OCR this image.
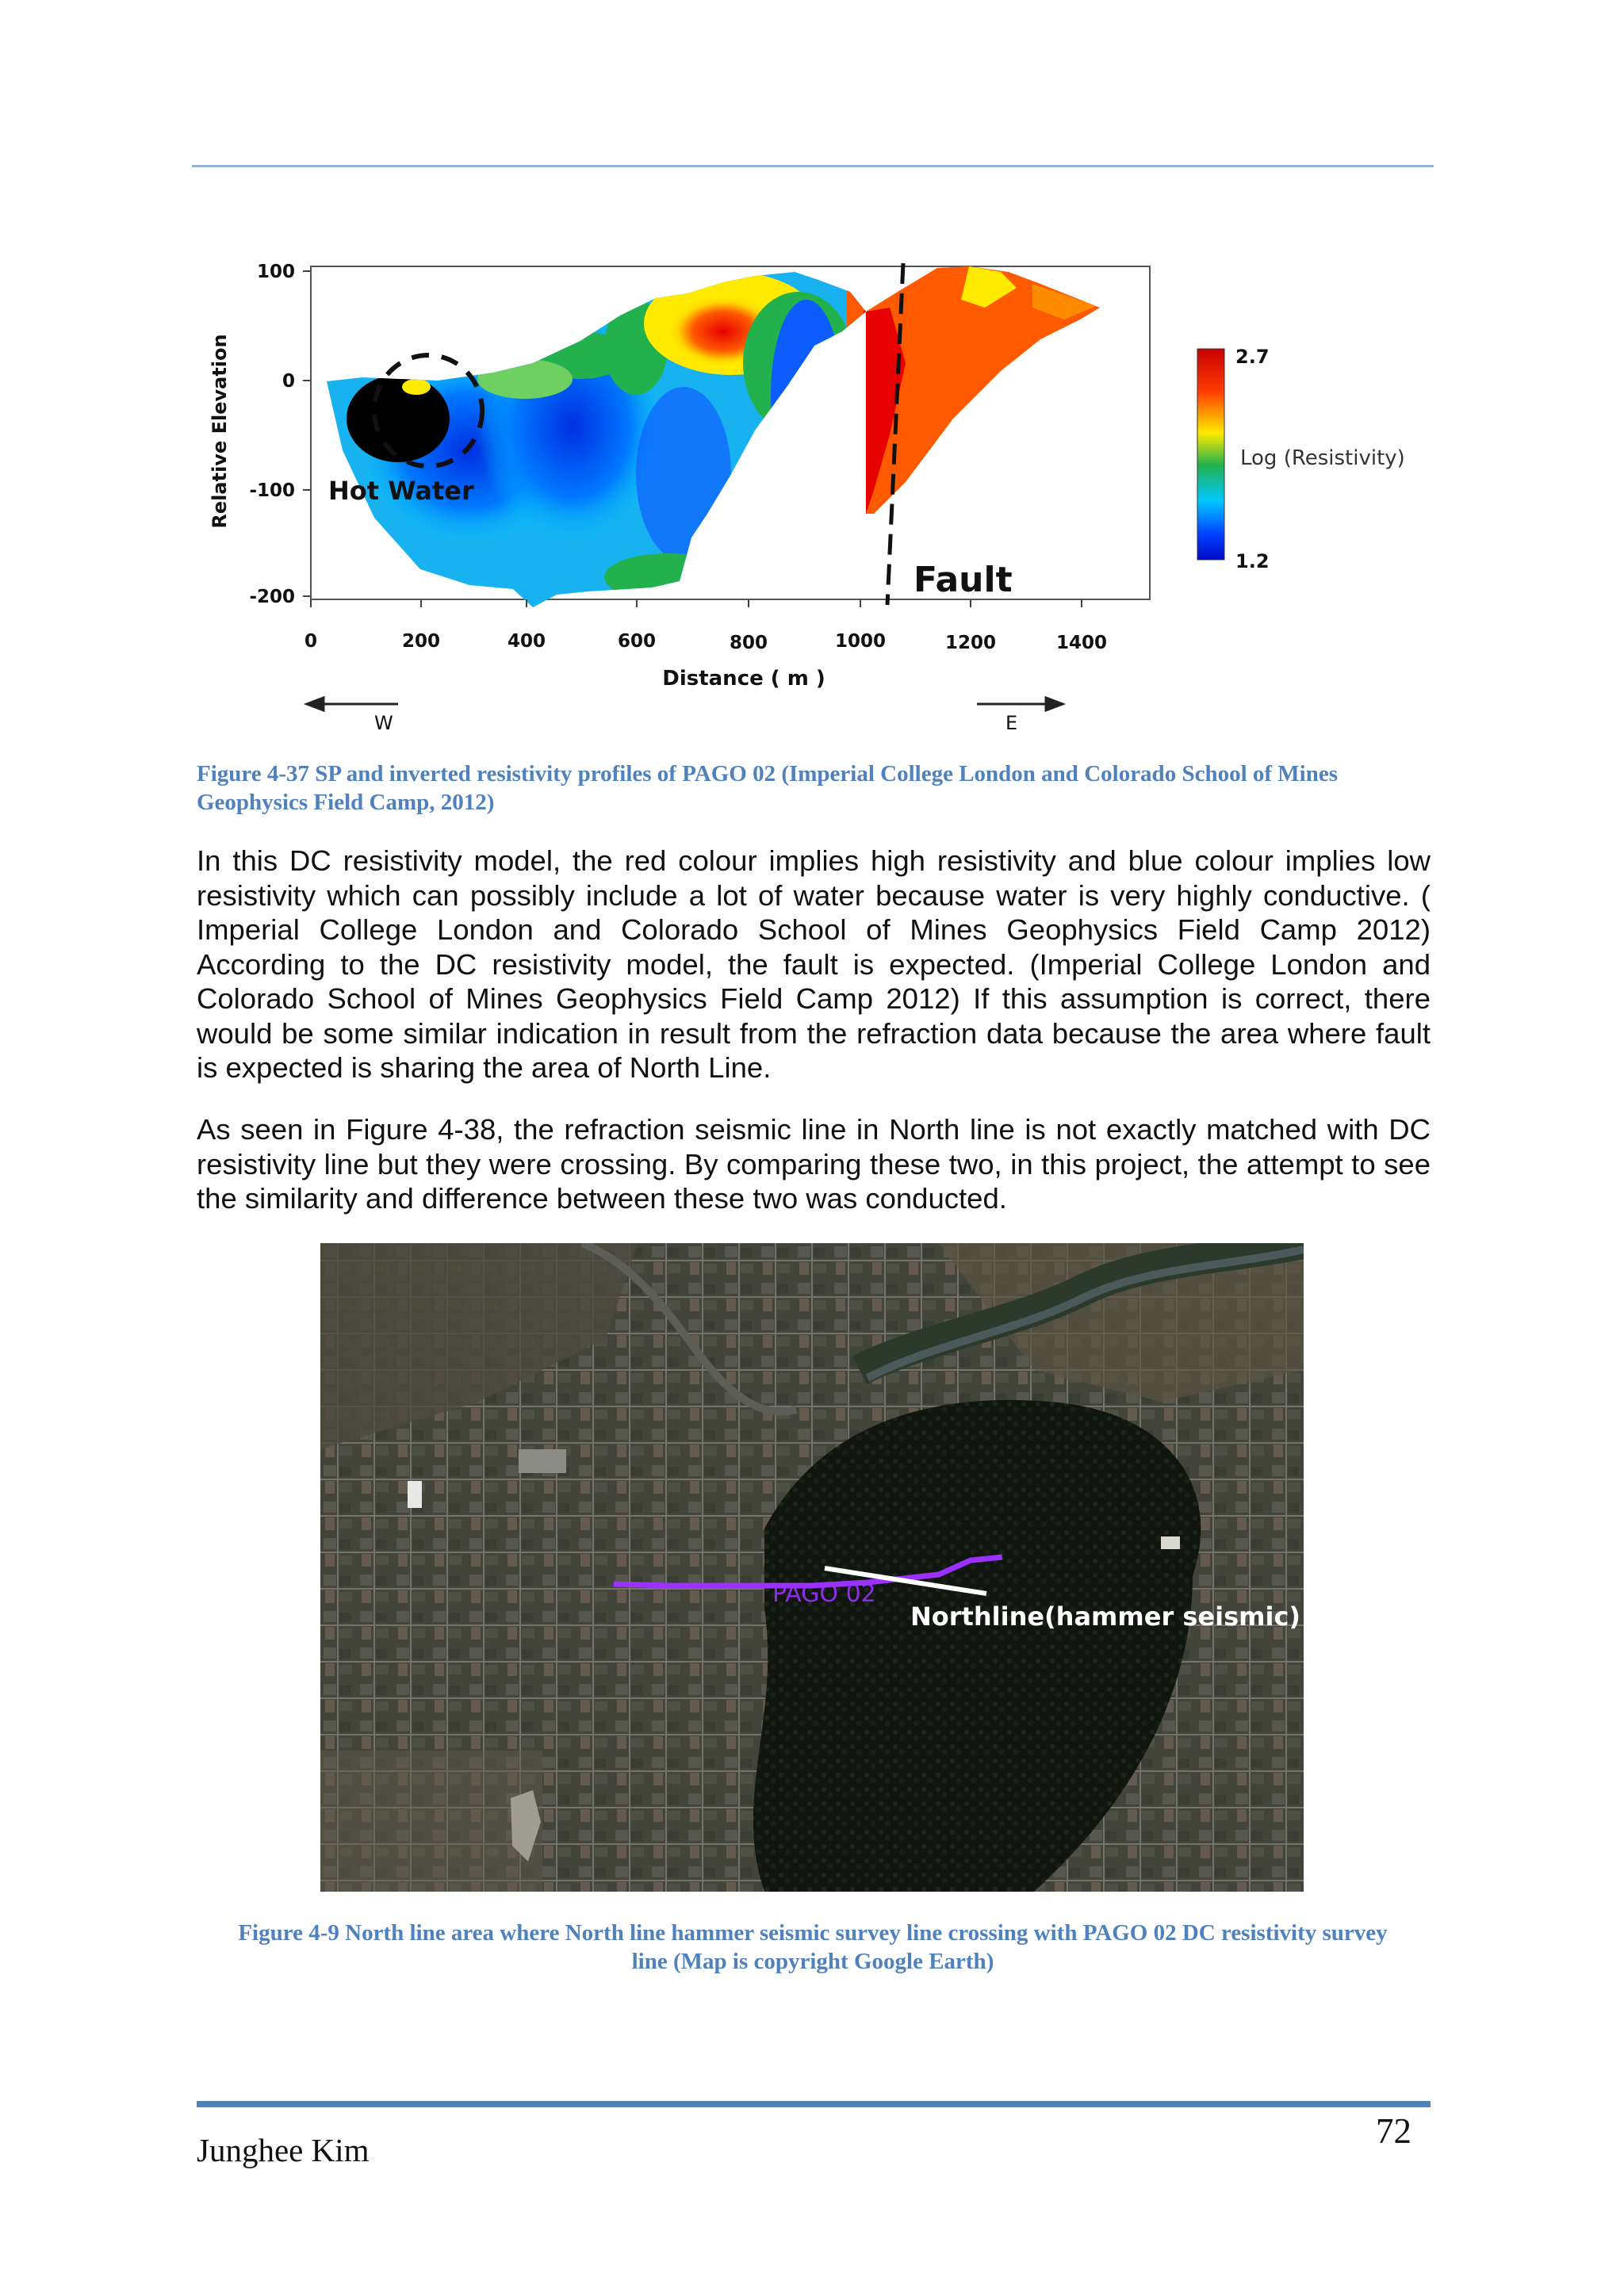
100
0
-100
-200
0	200	400	600	800	1000	1200	1400
Relative Elevation
Distance ( m )
Hot Water
Fault
2.7
Log (Resistivity)
1.2
W	E
Figure 4-37 SP and inverted resistivity profiles of PAGO 02 (Imperial College London and Colorado School of Mines Geophysics Field Camp, 2012)

In this DC resistivity model, the red colour implies high resistivity and blue colour implies low resistivity which can possibly include a lot of water because water is very highly conductive. ( Imperial College London and Colorado School of Mines Geophysics Field Camp 2012) According to the DC resistivity model, the fault is expected. (Imperial College London and Colorado School of Mines Geophysics Field Camp 2012) If this assumption is correct, there would be some similar indication in result from the refraction data because the area where fault is expected is sharing the area of North Line.

As seen in Figure 4-38, the refraction seismic line in North line is not exactly matched with DC resistivity line but they were crossing. By comparing these two, in this project, the attempt to see the similarity and difference between these two was conducted.

PAGO 02
Northline(hammer seismic)
Figure 4-9 North line area where North line hammer seismic survey line crossing with PAGO 02 DC resistivity survey line (Map is copyright Google Earth)
Junghee Kim	72
